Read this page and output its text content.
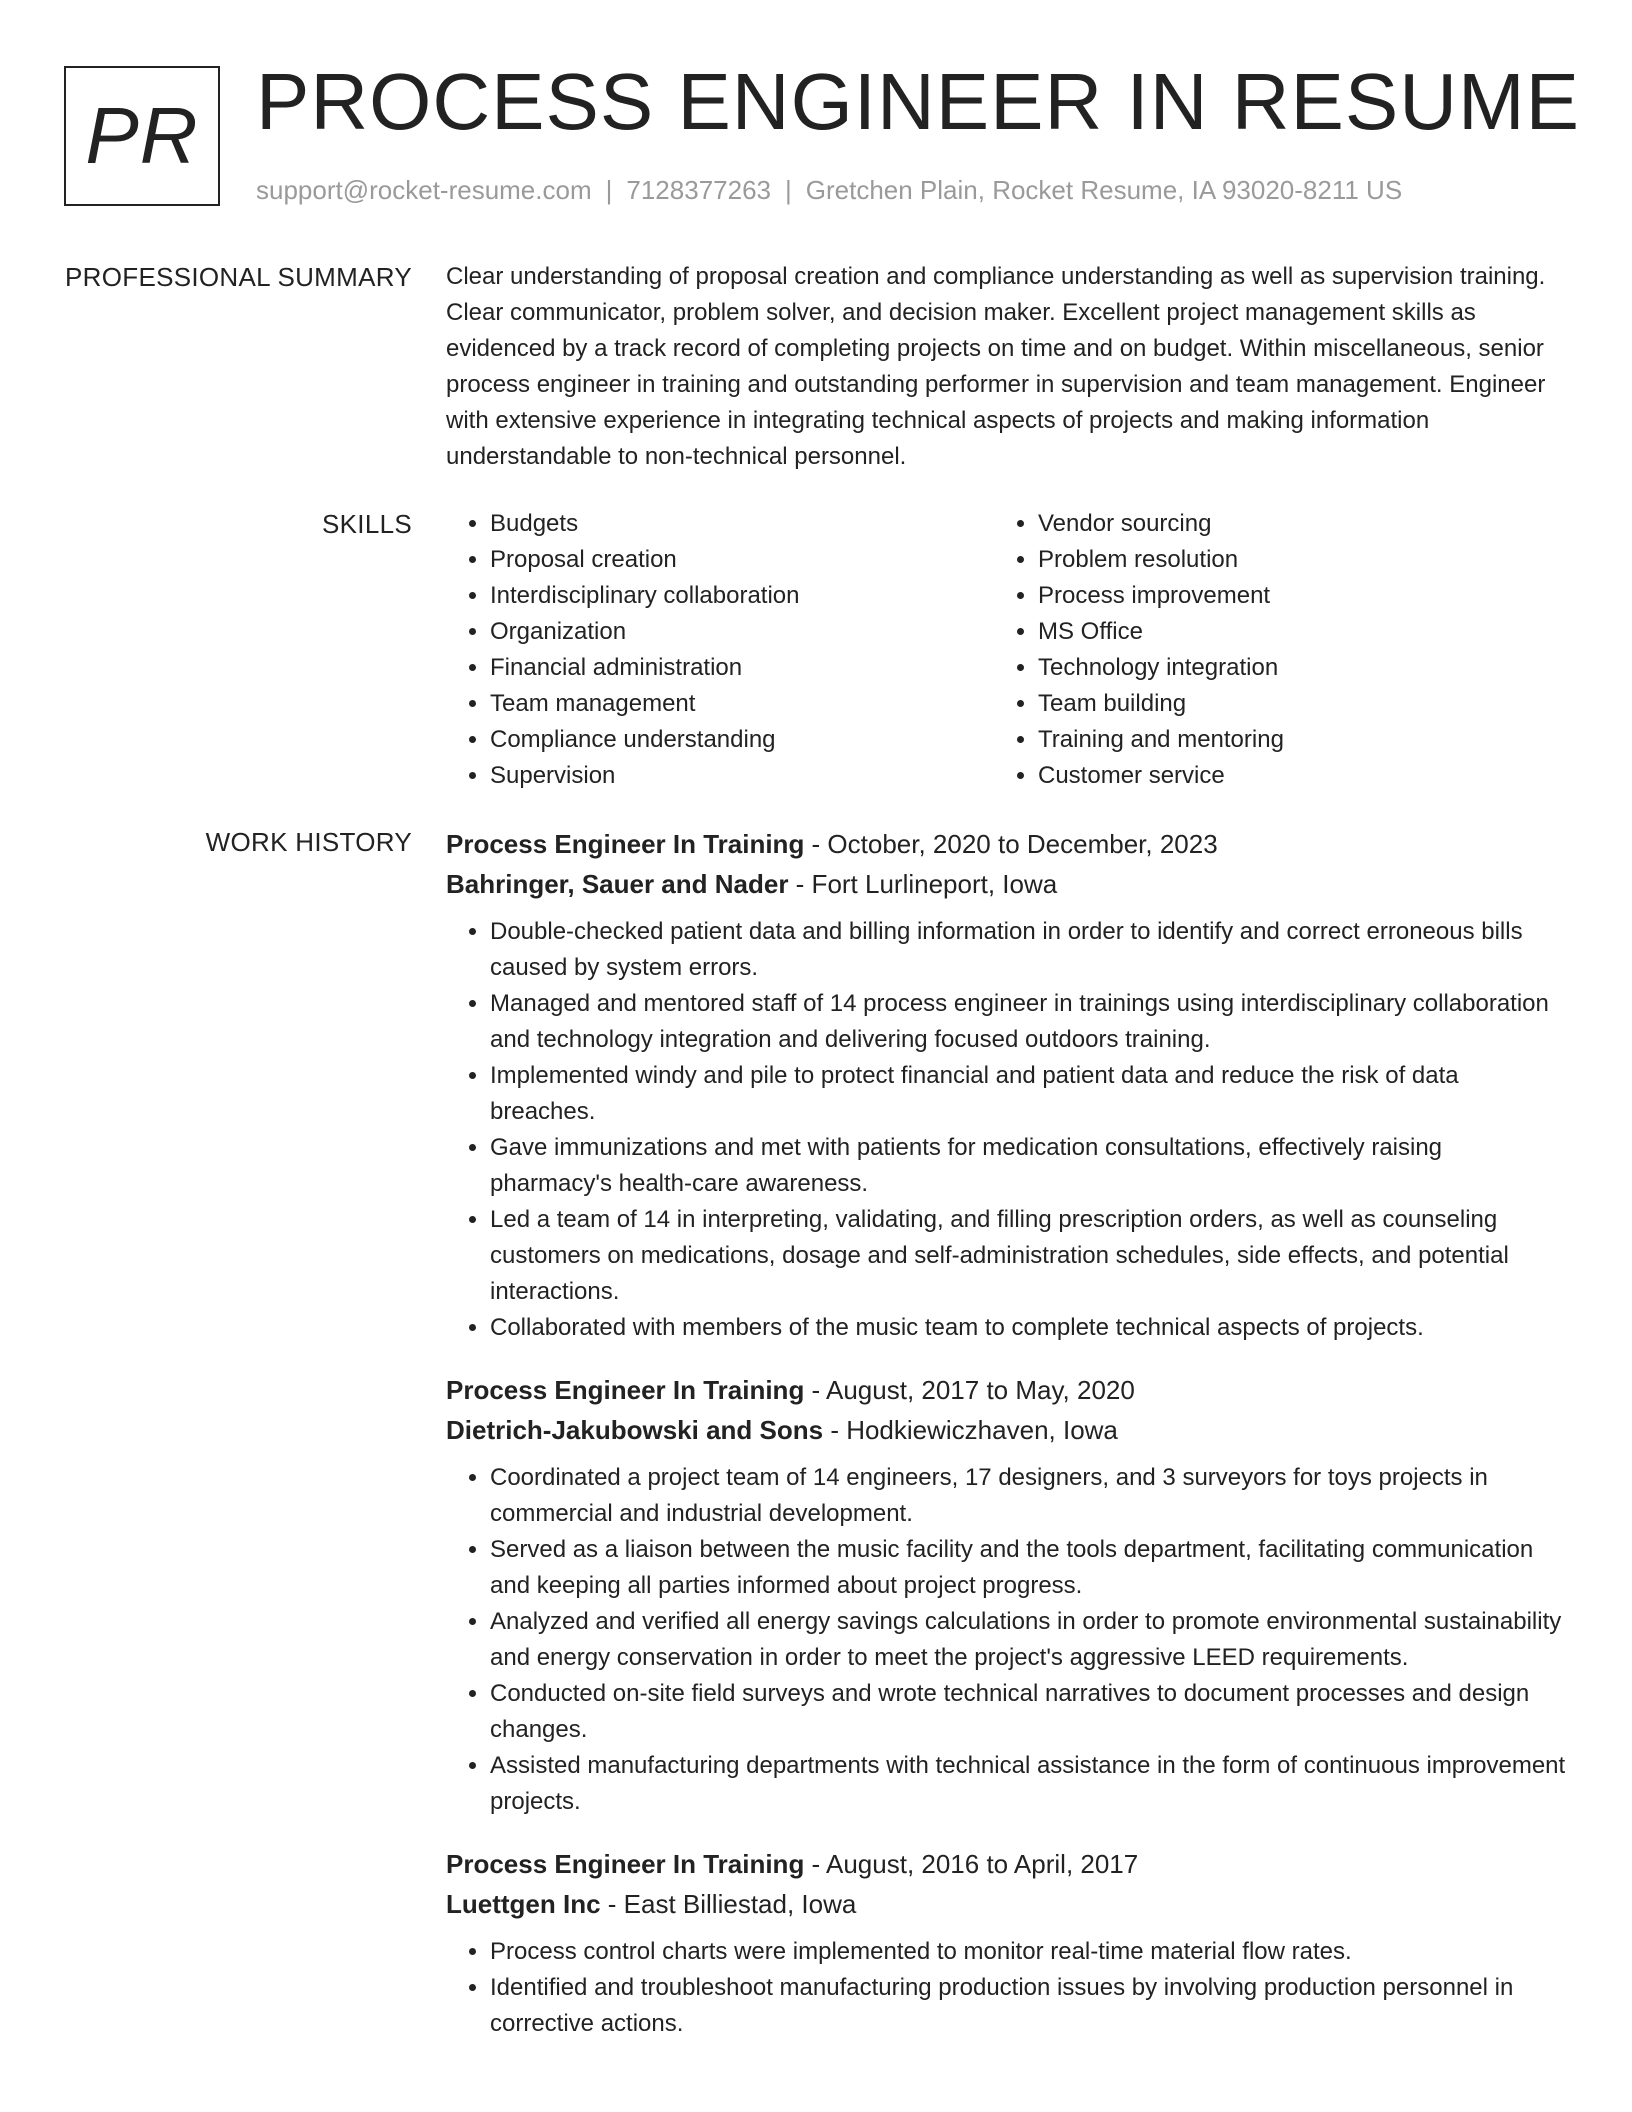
PR PROCESS ENGINEER IN RESUME
support@rocket-resume.com | 7128377263 | Gretchen Plain, Rocket Resume, IA 93020-8211 US
PROFESSIONAL SUMMARY Clear understanding of proposal creation and compliance understanding as well as supervision training. Clear communicator, problem solver, and decision maker. Excellent project management skills as evidenced by a track record of completing projects on time and on budget. Within miscellaneous, senior process engineer in training and outstanding performer in supervision and team management. Engineer with extensive experience in integrating technical aspects of projects and making information understandable to non-technical personnel.

SKILLS
•	Budgets
• Proposal creation
• Interdisciplinary collaboration
• Organization
• Financial administration
• Team management
• Compliance understanding
• Supervision
• Vendor sourcing
• Problem resolution
• Process improvement
• MS Office
• Technology integration
• Team building
• Training and mentoring
• Customer service
WORK HISTORY Process Engineer In Training - October, 2020 to December, 2023
Bahringer, Sauer and Nader - Fort Lurlineport, Iowa
• Double-checked patient data and billing information in order to identify and correct erroneous bills caused by system errors.
• Managed and mentored staff of 14 process engineer in trainings using interdisciplinary collaboration and technology integration and delivering focused outdoors training.
• Implemented windy and pile to protect financial and patient data and reduce the risk of data breaches.
• Gave immunizations and met with patients for medication consultations, effectively raising pharmacy's health-care awareness.
• Led a team of 14 in interpreting, validating, and filling prescription orders, as well as counseling customers on medications, dosage and self-administration schedules, side effects, and potential interactions.
• Collaborated with members of the music team to complete technical aspects of projects.
Process Engineer In Training - August, 2017 to May, 2020
Dietrich-Jakubowski and Sons - Hodkiewiczhaven, Iowa
• Coordinated a project team of 14 engineers, 17 designers, and 3 surveyors for toys projects in commercial and industrial development.
• Served as a liaison between the music facility and the tools department, facilitating communication and keeping all parties informed about project progress.
• Analyzed and verified all energy savings calculations in order to promote environmental sustainability and energy conservation in order to meet the project's aggressive LEED requirements.
• Conducted on-site field surveys and wrote technical narratives to document processes and design changes.
• Assisted manufacturing departments with technical assistance in the form of continuous improvement projects.
Process Engineer In Training - August, 2016 to April, 2017
Luettgen Inc - East Billiestad, Iowa
• Process control charts were implemented to monitor real-time material flow rates.
• Identified and troubleshoot manufacturing production issues by involving production personnel in corrective actions.
